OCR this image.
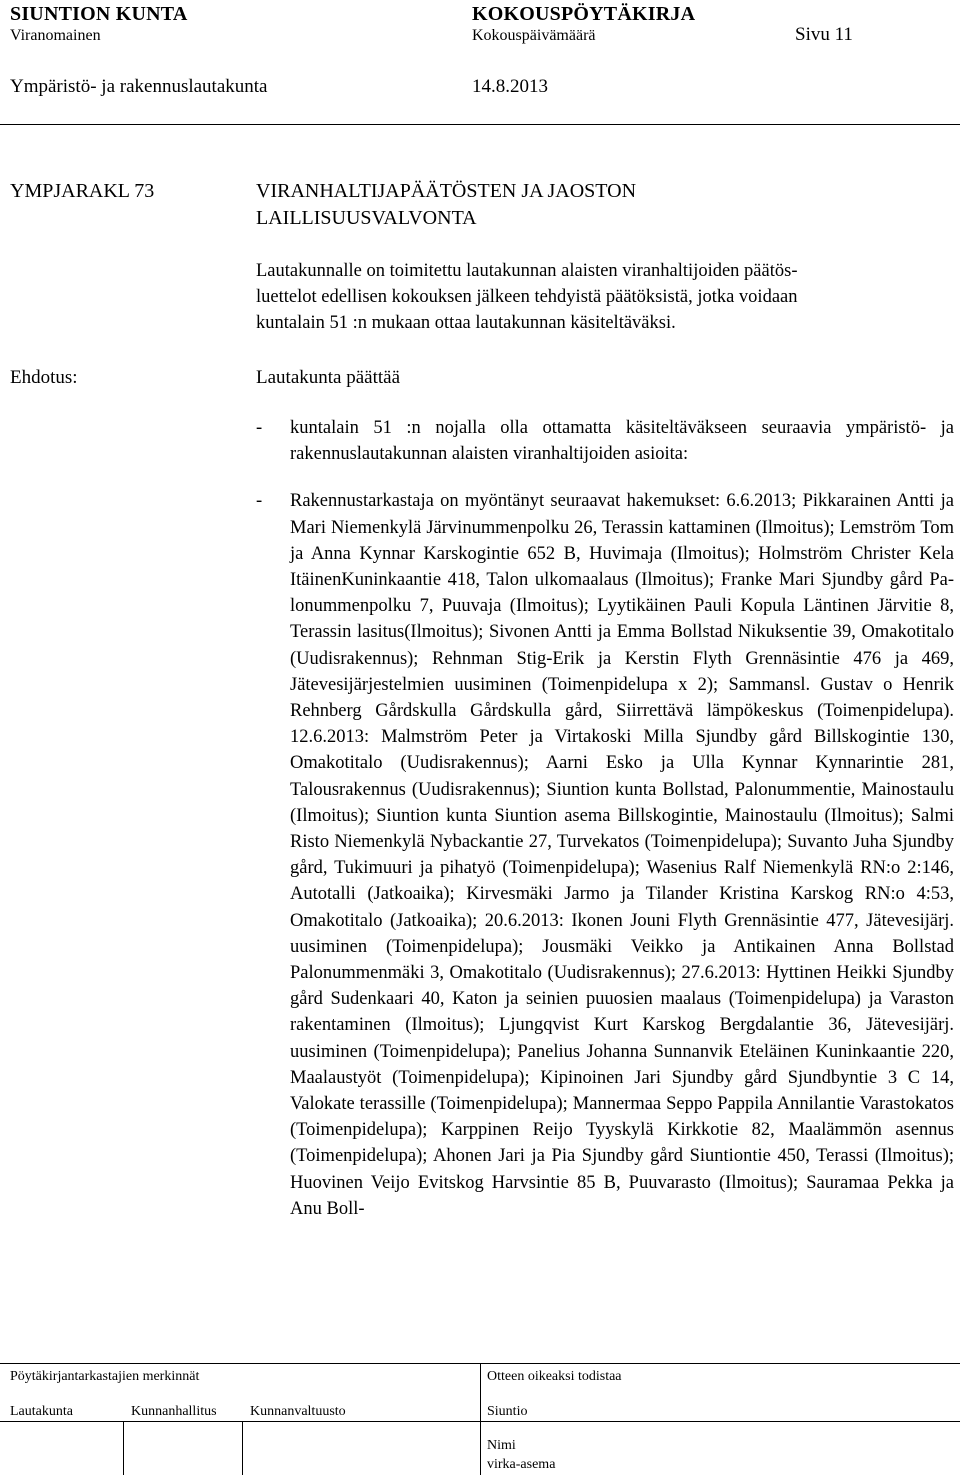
SIUNTION KUNTA	KOKOUSPÖYTÄKIRJA
Viranomainen	Kokouspäivämäärä	Sivu 11
Ympäristö- ja rakennuslautakunta	14.8.2013
YMPJARAKL 73	VIRANHALTIJAPÄÄTÖSTEN JA JAOSTON
LAILLISUUSVALVONTA
Lautakunnalle on toimitettu lautakunnan alaisten viranhaltijoiden päätös-
luettelot edellisen kokouksen jälkeen tehdyistä päätöksistä, jotka voidaan
kuntalain 51 :n mukaan ottaa lautakunnan käsiteltäväksi.
Ehdotus:	Lautakunta päättää
- kuntalain 51 :n nojalla olla ottamatta käsiteltäväkseen seuraavia ympäristö- ja rakennuslautakunnan alaisten viranhaltijoiden asioita:
- Rakennustarkastaja on myöntänyt seuraavat hakemukset: 6.6.2013; Pikkarainen Antti ja Mari Niemenkylä Järvinummenpolku 26, Terassin kattaminen (Ilmoitus); Lemström Tom ja Anna Kynnar Karskogintie 652 B, Huvimaja (Ilmoitus); Holmström Christer Kela ItäinenKuninkaantie 418, Talon ulkomaalaus (Ilmoitus); Franke Mari Sjundby gård Palonummenpolku 7, Puuvaja (Ilmoitus); Lyytikäinen Pauli Kopula Läntinen Järvitie 8, Terassin lasitus(Ilmoitus); Sivonen Antti ja Emma Bollstad Nikuksentie 39, Omakotitalo (Uudisrakennus); Rehnman Stig-Erik ja Kerstin Flyth Grennäsintie 476 ja 469, Jätevesijärjestelmien uusiminen (Toimenpidelupa x 2); Sammansl. Gustav o Henrik Rehnberg Gårdskulla Gårdskulla gård, Siirrettävä lämpökeskus (Toimenpidelupa). 12.6.2013: Malmström Peter ja Virtakoski Milla Sjundby gård Billskogintie 130, Omakotitalo (Uudisrakennus); Aarni Esko ja Ulla Kynnar Kynnarintie 281, Talousrakennus (Uudisrakennus); Siuntion kunta Bollstad, Palonummentie, Mainostaulu (Ilmoitus); Siuntion kunta Siuntion asema Billskogintie, Mainostaulu (Ilmoitus); Salmi Risto Niemenkylä Nybackantie 27, Turvekatos (Toimenpidelupa); Suvanto Juha Sjundby gård, Tukimuuri ja pihatyö (Toimenpidelupa); Wasenius Ralf Niemenkylä RN:o 2:146, Autotalli (Jatkoaika); Kirvesmäki Jarmo ja Tilander Kristina Karskog RN:o 4:53, Omakotitalo (Jatkoaika); 20.6.2013: Ikonen Jouni Flyth Grennäsintie 477, Jätevesijärj. uusiminen (Toimenpidelupa); Jousmäki Veikko ja Antikainen Anna Bollstad Palonummenmäki 3, Omakotitalo (Uudisrakennus); 27.6.2013: Hyttinen Heikki Sjundby gård Sudenkaari 40, Katon ja seinien puuosien maalaus (Toimenpidelupa) ja Varaston rakentaminen (Ilmoitus); Ljungqvist Kurt Karskog Bergdalantie 36, Jätevesijärj. uusiminen (Toimenpidelupa); Panelius Johanna Sunnanvik Eteläinen Kuninkaantie 220, Maalaustyöt (Toimenpidelupa); Kipinoinen Jari Sjundby gård Sjundbyntie 3 C 14, Valokate terassille (Toimenpidelupa); Mannermaa Seppo Pappila Annilantie Varastokatos (Toimenpidelupa); Karppinen Reijo Tyyskylä Kirkkotie 82, Maalämmön asennus (Toimenpidelupa); Ahonen Jari ja Pia Sjundby gård Siuntiontie 450, Terassi (Ilmoitus); Huovinen Veijo Evitskog Harvsintie 85 B, Puuvarasto (Ilmoitus); Sauramaa Pekka ja Anu Boll-
Pöytäkirjantarkastajien merkinnät	Otteen oikeaksi todistaa
Lautakunta	Kunnanhallitus Kunnanvaltuusto	Siuntio
Nimi
virka-asema
